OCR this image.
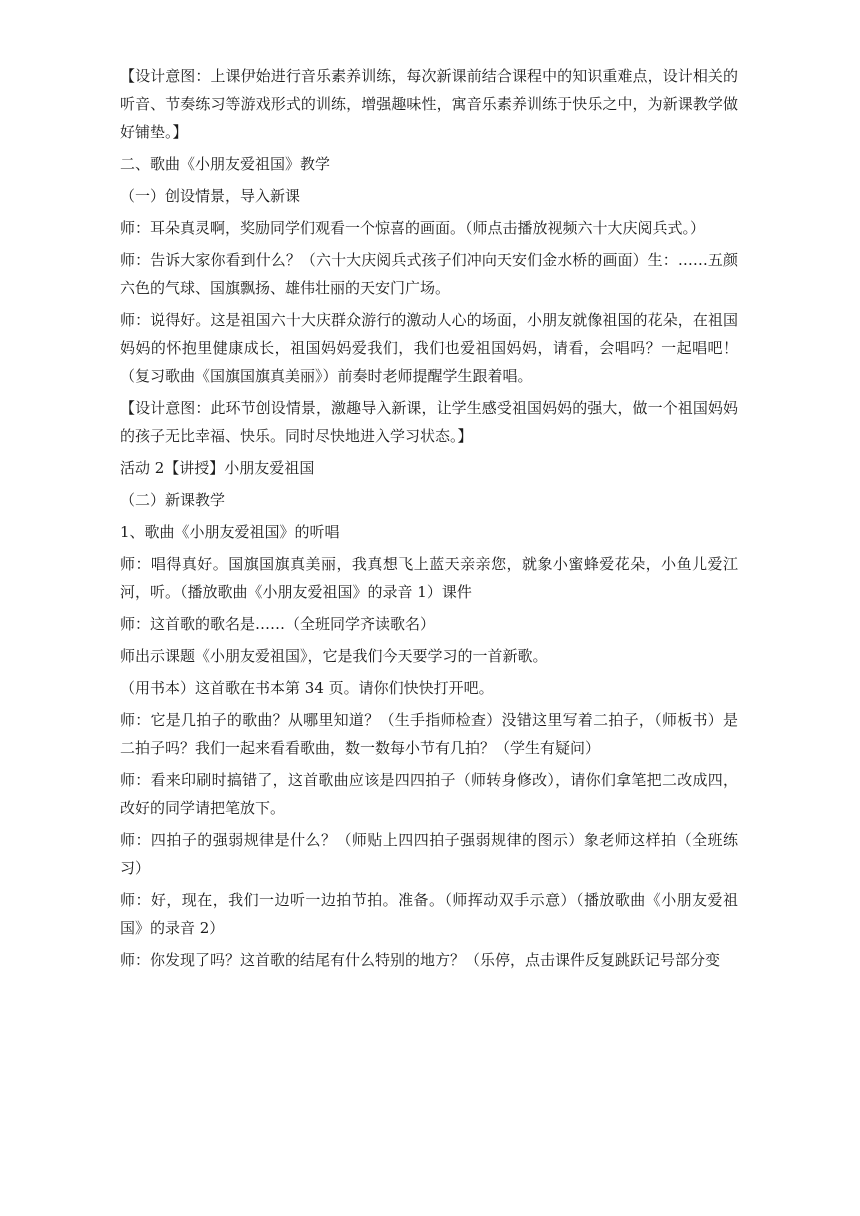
【设计意图：上课伊始进行音乐素养训练，每次新课前结合课程中的知识重难点，设计相关的听音、节奏练习等游戏形式的训练，增强趣味性，寓音乐素养训练于快乐之中，为新课教学做好铺垫。】

二、歌曲《小朋友爱祖国》教学

（一）创设情景，导入新课

师：耳朵真灵啊，奖励同学们观看一个惊喜的画面。（师点击播放视频六十大庆阅兵式。）

师：告诉大家你看到什么？（六十大庆阅兵式孩子们冲向天安们金水桥的画面）生：……五颜六色的气球、国旗飘扬、雄伟壮丽的天安门广场。

师：说得好。这是祖国六十大庆群众游行的激动人心的场面，小朋友就像祖国的花朵，在祖国妈妈的怀抱里健康成长，祖国妈妈爱我们，我们也爱祖国妈妈，请看，会唱吗？一起唱吧！（复习歌曲《国旗国旗真美丽》）前奏时老师提醒学生跟着唱。

【设计意图：此环节创设情景，激趣导入新课，让学生感受祖国妈妈的强大，做一个祖国妈妈的孩子无比幸福、快乐。同时尽快地进入学习状态。】

活动 2【讲授】小朋友爱祖国

（二）新课教学

1、歌曲《小朋友爱祖国》的听唱

师：唱得真好。国旗国旗真美丽，我真想飞上蓝天亲亲您，就象小蜜蜂爱花朵，小鱼儿爱江河，听。（播放歌曲《小朋友爱祖国》的录音 1）课件

师：这首歌的歌名是……（全班同学齐读歌名）

师出示课题《小朋友爱祖国》，它是我们今天要学习的一首新歌。

（用书本）这首歌在书本第 34 页。请你们快快打开吧。

师：它是几拍子的歌曲？从哪里知道？（生手指师检查）没错这里写着二拍子，（师板书）是二拍子吗？我们一起来看看歌曲，数一数每小节有几拍？（学生有疑问）

师：看来印刷时搞错了，这首歌曲应该是四四拍子（师转身修改），请你们拿笔把二改成四，改好的同学请把笔放下。

师：四拍子的强弱规律是什么？（师贴上四四拍子强弱规律的图示）象老师这样拍（全班练习）

师：好，现在，我们一边听一边拍节拍。准备。（师挥动双手示意）（播放歌曲《小朋友爱祖国》的录音 2）

师：你发现了吗？这首歌的结尾有什么特别的地方？（乐停，点击课件反复跳跃记号部分变
